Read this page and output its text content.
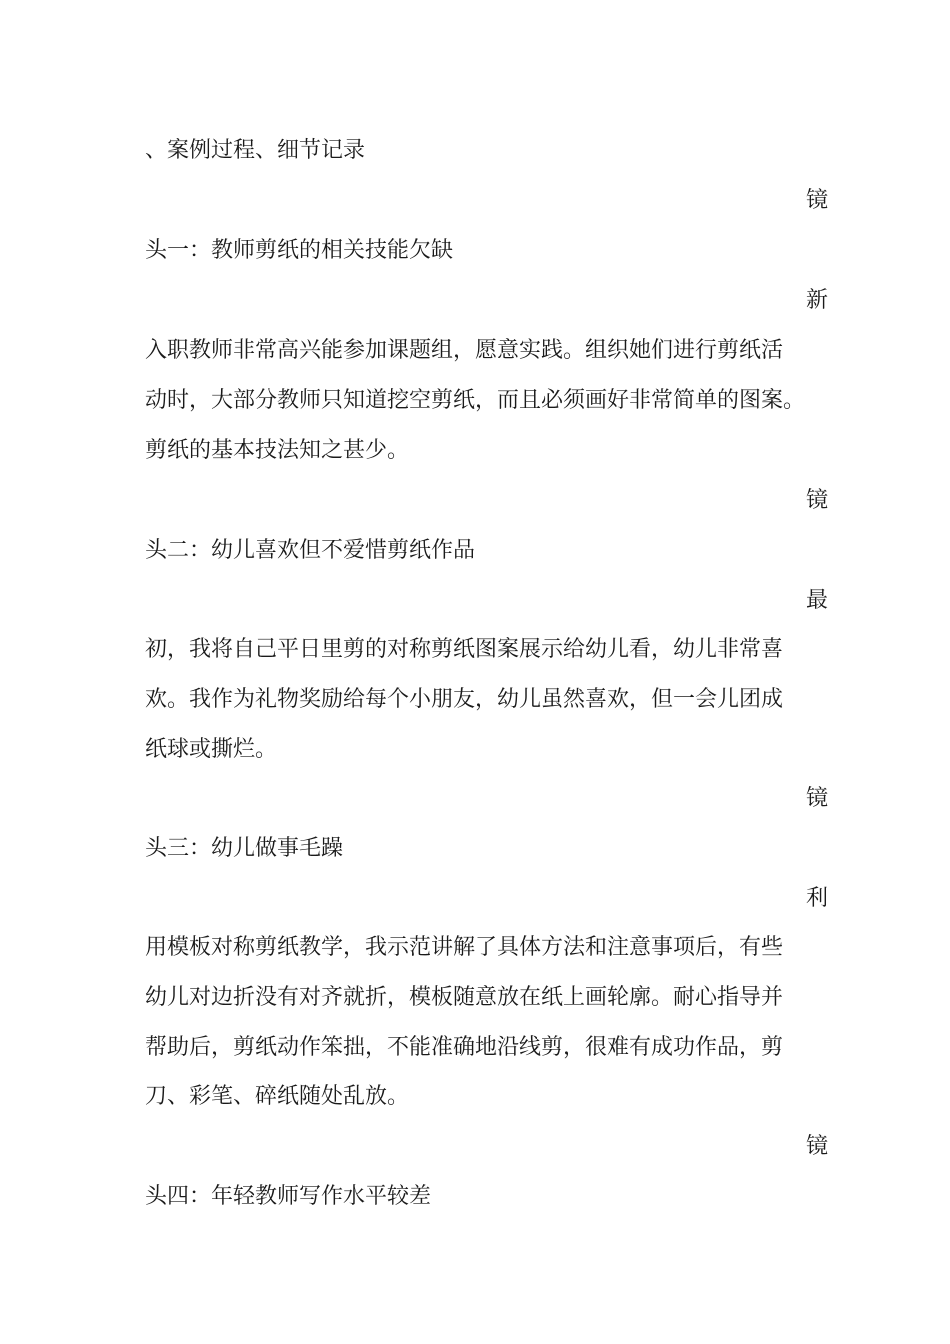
、案例过程、细节记录
镜
头一：教师剪纸的相关技能欠缺
新
入职教师非常高兴能参加课题组，愿意实践。组织她们进行剪纸活
动时，大部分教师只知道挖空剪纸，而且必须画好非常简单的图案。
剪纸的基本技法知之甚少。
镜
头二：幼儿喜欢但不爱惜剪纸作品
最
初，我将自己平日里剪的对称剪纸图案展示给幼儿看，幼儿非常喜
欢。我作为礼物奖励给每个小朋友，幼儿虽然喜欢，但一会儿团成
纸球或撕烂。
镜
头三：幼儿做事毛躁
利
用模板对称剪纸教学，我示范讲解了具体方法和注意事项后，有些
幼儿对边折没有对齐就折，模板随意放在纸上画轮廓。耐心指导并
帮助后，剪纸动作笨拙，不能准确地沿线剪，很难有成功作品，剪
刀、彩笔、碎纸随处乱放。
镜
头四：年轻教师写作水平较差
